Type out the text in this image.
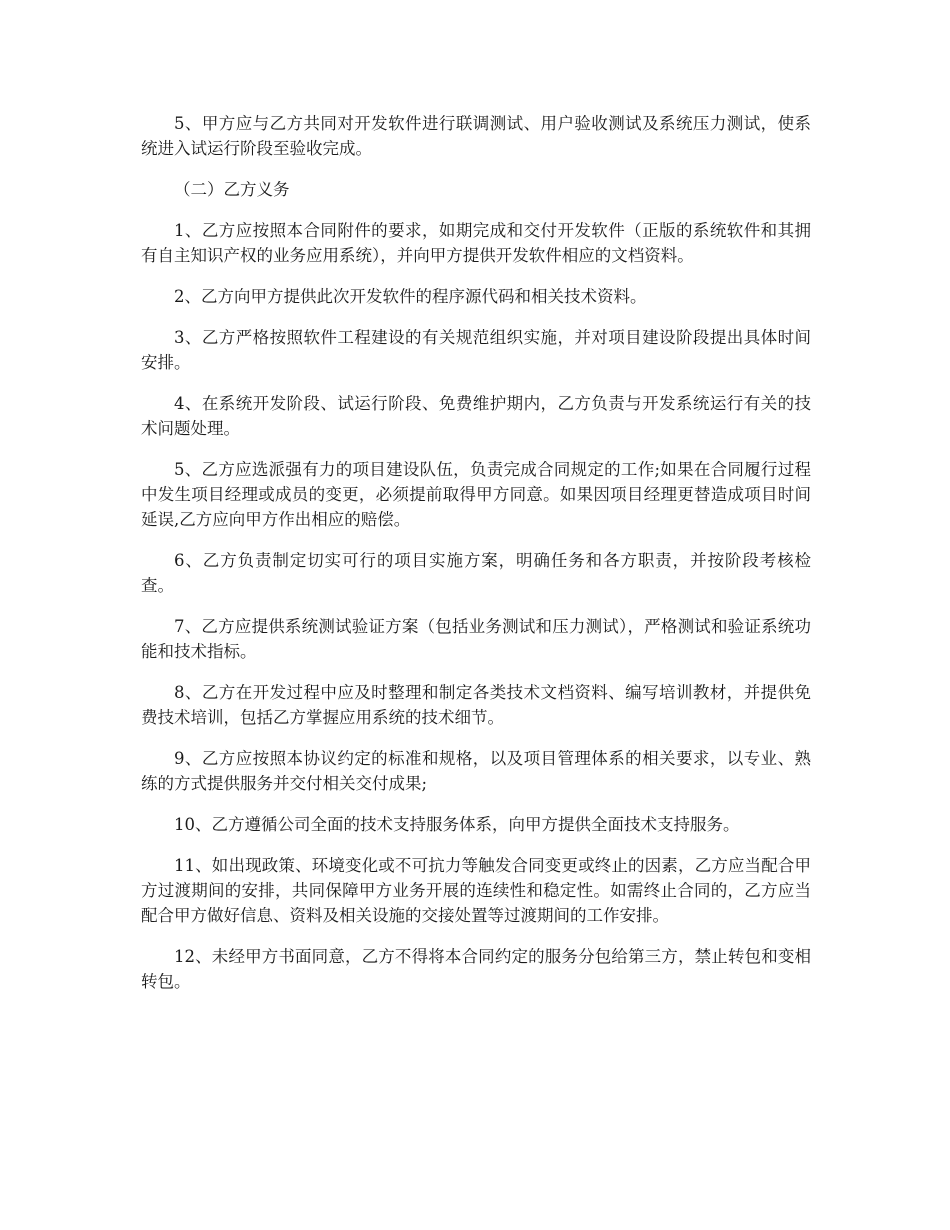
5、甲方应与乙方共同对开发软件进行联调测试、用户验收测试及系统压力测试，使系统进入试运行阶段至验收完成。

（二）乙方义务

1、乙方应按照本合同附件的要求，如期完成和交付开发软件（正版的系统软件和其拥有自主知识产权的业务应用系统），并向甲方提供开发软件相应的文档资料。

2、乙方向甲方提供此次开发软件的程序源代码和相关技术资料。

3、乙方严格按照软件工程建设的有关规范组织实施，并对项目建设阶段提出具体时间安排。

4、在系统开发阶段、试运行阶段、免费维护期内，乙方负责与开发系统运行有关的技术问题处理。

5、乙方应选派强有力的项目建设队伍，负责完成合同规定的工作;如果在合同履行过程中发生项目经理或成员的变更，必须提前取得甲方同意。如果因项目经理更替造成项目时间延误,乙方应向甲方作出相应的赔偿。

6、乙方负责制定切实可行的项目实施方案，明确任务和各方职责，并按阶段考核检查。

7、乙方应提供系统测试验证方案（包括业务测试和压力测试），严格测试和验证系统功能和技术指标。

8、乙方在开发过程中应及时整理和制定各类技术文档资料、编写培训教材，并提供免费技术培训，包括乙方掌握应用系统的技术细节。

9、乙方应按照本协议约定的标准和规格，以及项目管理体系的相关要求，以专业、熟练的方式提供服务并交付相关交付成果;

10、乙方遵循公司全面的技术支持服务体系，向甲方提供全面技术支持服务。

11、如出现政策、环境变化或不可抗力等触发合同变更或终止的因素，乙方应当配合甲方过渡期间的安排，共同保障甲方业务开展的连续性和稳定性。如需终止合同的，乙方应当配合甲方做好信息、资料及相关设施的交接处置等过渡期间的工作安排。

12、未经甲方书面同意，乙方不得将本合同约定的服务分包给第三方，禁止转包和变相转包。
